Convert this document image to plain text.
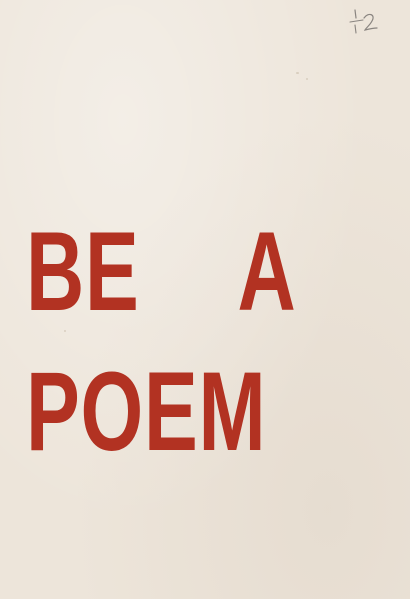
BE  A
POEM
